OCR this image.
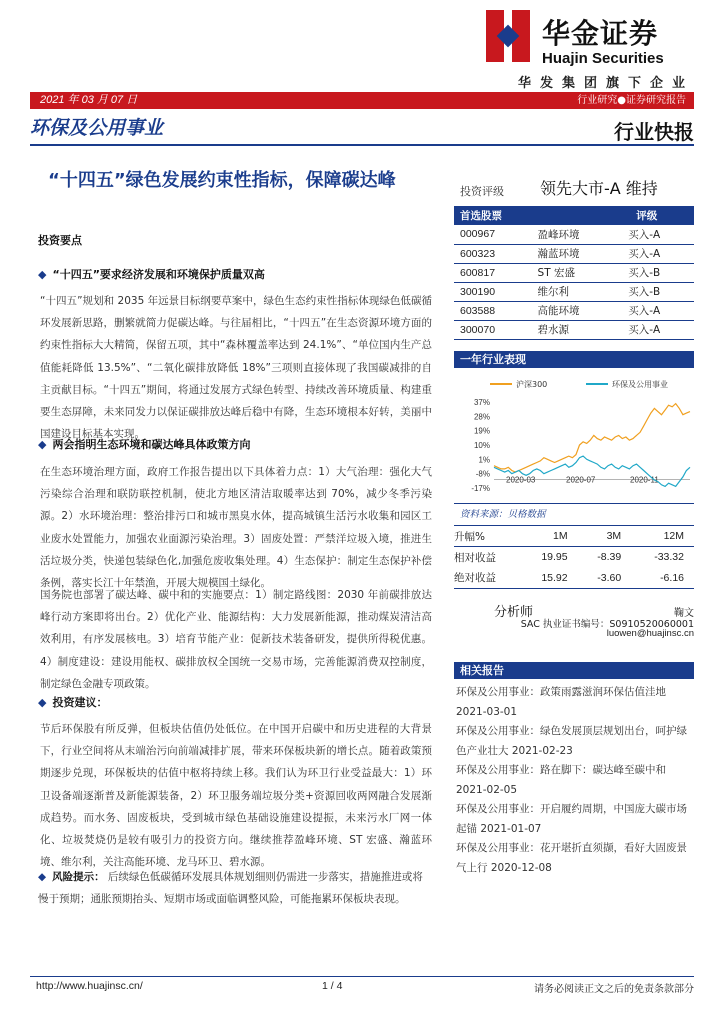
华金证券
Huajin Securities
华发集团旗下企业
2021 年 03 月 07 日	行业研究●证券研究报告
环保及公用事业	行业快报
“十四五”绿色发展约束性指标，保障碳达峰
投资要点
◆ “十四五”要求经济发展和环境保护质量双高
“十四五”规划和 2035 年远景目标纲要草案中，绿色生态约束性指标体现绿色低碳循环发展新思路，删繁就简力促碳达峰。与往届相比，“十四五”在生态资源环境方面的约束性指标大大精简，保留五项，其中“森林覆盖率达到 24.1%”、“单位国内生产总值能耗降低 13.5%”、“二氧化碳排放降低 18%”三项则直接体现了我国碳减排的自主贡献目标。“十四五”期间，将通过发展方式绿色转型、持续改善环境质量、构建重要生态屏障，未来同发力以保证碳排放达峰后稳中有降，生态环境根本好转，美丽中国建设目标基本实现。
◆ 两会指明生态环境和碳达峰具体政策方向
在生态环境治理方面，政府工作报告提出以下具体着力点：1）大气治理：强化大气污染综合治理和联防联控机制，使北方地区清洁取暖率达到 70%，减少冬季污染源。2）水环境治理：整治排污口和城市黑臭水体，提高城镇生活污水收集和园区工业废水处置能力，加强农业面源污染治理。3）固废处置：严禁洋垃圾入境，推进生活垃圾分类，快递包装绿色化,加强危废收集处理。4）生态保护：制定生态保护补偿条例，落实长江十年禁渔，开展大规模国土绿化。
国务院也部署了碳达峰、碳中和的实施要点：1）制定路线图：2030 年前碳排放达峰行动方案即将出台。2）优化产业、能源结构：大力发展新能源，推动煤炭清洁高效利用，有序发展核电。3）培育节能产业：促新技术装备研发，提供所得税优惠。4）制度建设：建设用能权、碳排放权全国统一交易市场，完善能源消费双控制度，制定绿色金融专项政策。
◆ 投资建议：
节后环保股有所反弹，但板块估值仍处低位。在中国开启碳中和历史进程的大背景下，行业空间将从末端治污向前端减排扩展，带来环保板块新的增长点。随着政策预期逐步兑现，环保板块的估值中枢将持续上移。我们认为环卫行业受益最大：1）环卫设备端逐渐普及新能源装备，2）环卫服务端垃圾分类+资源回收两网融合发展渐成趋势。而水务、固废板块，受到城市绿色基础设施建设提振，未来污水厂网一体化、垃圾焚烧仍是较有吸引力的投资方向。继续推荐盈峰环境、ST 宏盛、瀚蓝环境、维尔利，关注高能环境、龙马环卫、碧水源。
◆ 风险提示： 后续绿色低碳循环发展具体规划细则仍需进一步落实，措施推进或将慢于预期；通胀预期抬头、短期市场或面临调整风险，可能拖累环保板块表现。
投资评级 领先大市-A 维持
首选股票		评级
000967	盈峰环境	买入-A
600323	瀚蓝环境	买入-A
600817	ST 宏盛	买入-B
300190	维尔利	买入-B
603588	高能环境	买入-A
300070	碧水源	买入-A
一年行业表现
沪深300	环保及公用事业
37%
28%
19%
10%
1%
-8%
-17%
2020-03	2020-07	2020-11
资料来源：贝格数据
升幅%	1M	3M	12M
相对收益	19.95	-8.39	-33.32
绝对收益	15.92	-3.60	-6.16
分析师	鞠文
SAC 执业证书编号：S0910520060001
luowen@huajinsc.cn
相关报告
环保及公用事业：政策雨露滋润环保估值洼地 2021-03-01
环保及公用事业：绿色发展顶层规划出台，呵护绿色产业壮大 2021-02-23
环保及公用事业：路在脚下：碳达峰至碳中和 2021-02-05
环保及公用事业：开启履约周期，中国庞大碳市场起锚 2021-01-07
环保及公用事业：花开堪折直须撷，看好大固废景气上行 2020-12-08
http://www.huajinsc.cn/	1 / 4	请务必阅读正文之后的免责条款部分
